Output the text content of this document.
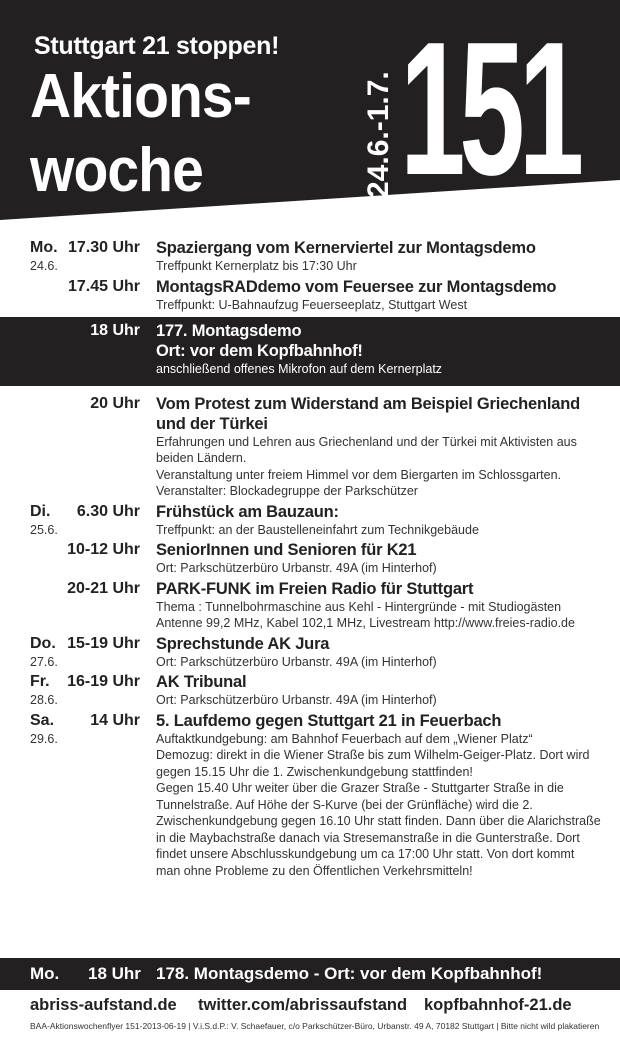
Stuttgart 21 stoppen!
Aktions-
woche	24.6.-1.7. 151
Mo. 17.30 Uhr
24.6.
Spaziergang vom Kernerviertel zur Montagsdemo
Treffpunkt Kernerplatz bis 17:30 Uhr
17.45 Uhr MontagsRADdemo vom Feuersee zur Montagsdemo
Treffpunkt: U-Bahnaufzug Feuerseeplatz, Stuttgart West
18 Uhr 177. Montagsdemo
Ort: vor dem Kopfbahnhof!
anschließend offenes Mikrofon auf dem Kernerplatz
20 Uhr Vom Protest zum Widerstand am Beispiel Griechenland und der Türkei
Erfahrungen und Lehren aus Griechenland und der Türkei mit Aktivisten aus beiden Ländern.
Veranstaltung unter freiem Himmel vor dem Biergarten im Schlossgarten.
Veranstalter: Blockadegruppe der Parkschützer
Di. 6.30 Uhr
25.6.
Frühstück am Bauzaun:
Treffpunkt: an der Baustelleneinfahrt zum Technikgebäude
10-12 Uhr SeniorInnen und Senioren für K21
Ort: Parkschützerbüro Urbanstr. 49A (im Hinterhof)
20-21 Uhr PARK-FUNK im Freien Radio für Stuttgart
Thema : Tunnelbohrmaschine aus Kehl - Hintergründe - mit Studiogästen
Antenne 99,2 MHz, Kabel 102,1 MHz, Livestream http://www.freies-radio.de
Do. 15-19 Uhr
27.6.
Sprechstunde AK Jura
Ort: Parkschützerbüro Urbanstr. 49A (im Hinterhof)
Fr. 16-19 Uhr
28.6.
AK Tribunal
Ort: Parkschützerbüro Urbanstr. 49A (im Hinterhof)
Sa. 14 Uhr
29.6.
5. Laufdemo gegen Stuttgart 21 in Feuerbach
Auftaktkundgebung: am Bahnhof Feuerbach auf dem „Wiener Platz“
Demozug: direkt in die Wiener Straße bis zum Wilhelm-Geiger-Platz. Dort wird gegen 15.15 Uhr die 1. Zwischenkundgebung stattfinden!
Gegen 15.40 Uhr weiter über die Grazer Straße - Stuttgarter Straße in die Tunnelstraße. Auf Höhe der S-Kurve (bei der Grünfläche) wird die 2. Zwischenkundgebung gegen 16.10 Uhr statt finden. Dann über die Alarichstraße in die Maybachstraße danach via Stresemanstraße in die Gunterstraße. Dort findet unsere Abschlusskundgebung um ca 17:00 Uhr statt. Von dort kommt man ohne Probleme zu den Öffentlichen Verkehrsmitteln!
Mo. 18 Uhr 178. Montagsdemo - Ort: vor dem Kopfbahnhof!
abriss-aufstand.de twitter.com/abrissaufstand kopfbahnhof-21.de
BAA-Aktionswochenflyer 151-2013-06-19 | V.i.S.d.P.: V. Schaefauer, c/o Parkschützer-Büro, Urbanstr. 49 A, 70182 Stuttgart | Bitte nicht wild plakatieren
